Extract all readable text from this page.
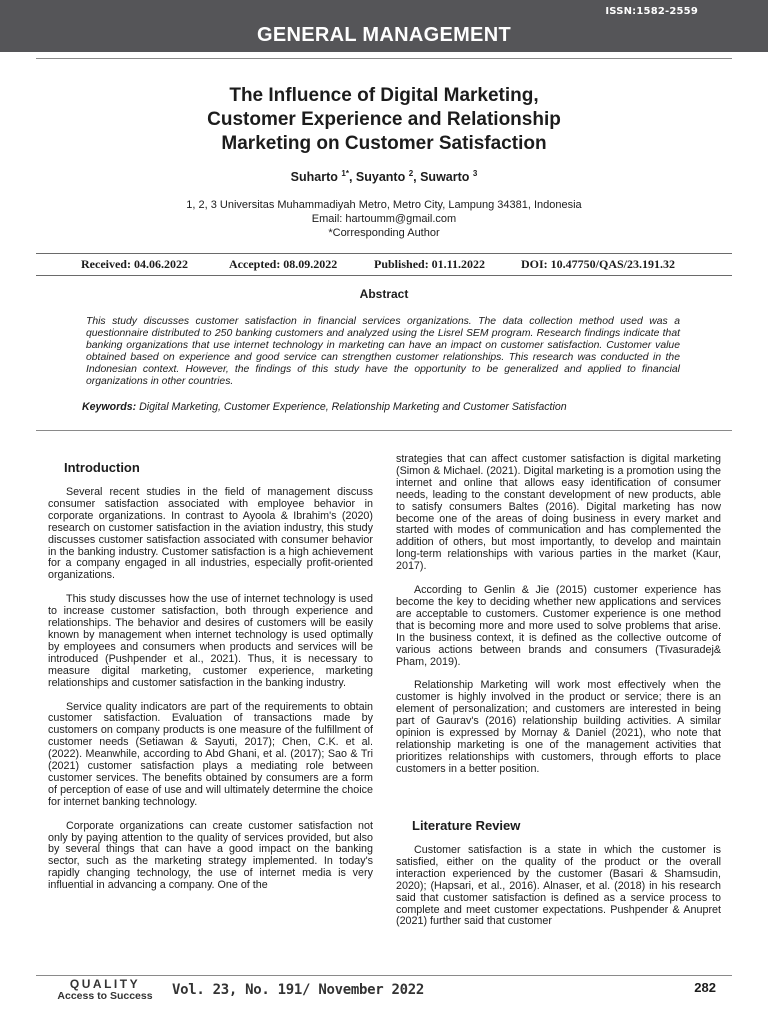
ISSN:1582-2559
GENERAL MANAGEMENT
The Influence of Digital Marketing,
Customer Experience and Relationship
Marketing on Customer Satisfaction
Suharto $^{1*}$, Suyanto $^2$, Suwarto $^3$
1, 2, 3 Universitas Muhammadiyah Metro, Metro City, Lampung 34381, Indonesia
Email: hartoumm@gmail.com
*Corresponding Author
Received: 04.06.2022	Accepted: 08.09.2022	Published: 01.11.2022	DOI: 10.47750/QAS/23.191.32
Abstract

This study discusses customer satisfaction in financial services organizations. The data collection method used was a questionnaire distributed to 250 banking customers and analyzed using the Lisrel SEM program. Research findings indicate that banking organizations that use internet technology in marketing can have an impact on customer satisfaction. Customer value obtained based on experience and good service can strengthen customer relationships. This research was conducted in the Indonesian context. However, the findings of this study have the opportunity to be generalized and applied to financial organizations in other countries.

Keywords: Digital Marketing, Customer Experience, Relationship Marketing and Customer Satisfaction
Introduction

Several recent studies in the field of management discuss consumer satisfaction associated with employee behavior in corporate organizations. In contrast to Ayoola & Ibrahim's (2020) research on customer satisfaction in the aviation industry, this study discusses customer satisfaction associated with consumer behavior in the banking industry. Customer satisfaction is a high achievement for a company engaged in all industries, especially profit-oriented organizations.

This study discusses how the use of internet technology is used to increase customer satisfaction, both through experience and relationships. The behavior and desires of customers will be easily known by management when internet technology is used optimally by employees and consumers when products and services will be introduced (Pushpender et al., 2021). Thus, it is necessary to measure digital marketing, customer experience, marketing relationships and customer satisfaction in the banking industry.

Service quality indicators are part of the requirements to obtain customer satisfaction. Evaluation of transactions made by customers on company products is one measure of the fulfillment of customer needs (Setiawan & Sayuti, 2017); Chen, C.K. et al. (2022). Meanwhile, according to Abd Ghani, et al. (2017); Sao & Tri (2021) customer satisfaction plays a mediating role between customer services. The benefits obtained by consumers are a form of perception of ease of use and will ultimately determine the choice for internet banking technology.

Corporate organizations can create customer satisfaction not only by paying attention to the quality of services provided, but also by several things that can have a good impact on the banking sector, such as the marketing strategy implemented. In today's rapidly changing technology, the use of internet media is very influential in advancing a company. One of the

strategies that can affect customer satisfaction is digital marketing (Simon & Michael. (2021). Digital marketing is a promotion using the internet and online that allows easy identification of consumer needs, leading to the constant development of new products, able to satisfy consumers Baltes (2016). Digital marketing has now become one of the areas of doing business in every market and started with modes of communication and has complemented the addition of others, but most importantly, to develop and maintain long-term relationships with various parties in the market (Kaur, 2017).

According to Genlin & Jie (2015) customer experience has become the key to deciding whether new applications and services are acceptable to customers. Customer experience is one method that is becoming more and more used to solve problems that arise. In the business context, it is defined as the collective outcome of various actions between brands and consumers (Tivasuradej& Pham, 2019).

Relationship Marketing will work most effectively when the customer is highly involved in the product or service; there is an element of personalization; and customers are interested in being part of Gaurav's (2016) relationship building activities. A similar opinion is expressed by Mornay & Daniel (2021), who note that relationship marketing is one of the management activities that prioritizes relationships with customers, through efforts to place customers in a better position.

Literature Review

Customer satisfaction is a state in which the customer is satisfied, either on the quality of the product or the overall interaction experienced by the customer (Basari & Shamsudin, 2020); (Hapsari, et al., 2016). Alnaser, et al. (2018) in his research said that customer satisfaction is defined as a service process to complete and meet customer expectations. Pushpender & Anupret (2021) further said that customer

QUALITY
Access to Success	Vol. 23, No. 191/ November 2022	282
